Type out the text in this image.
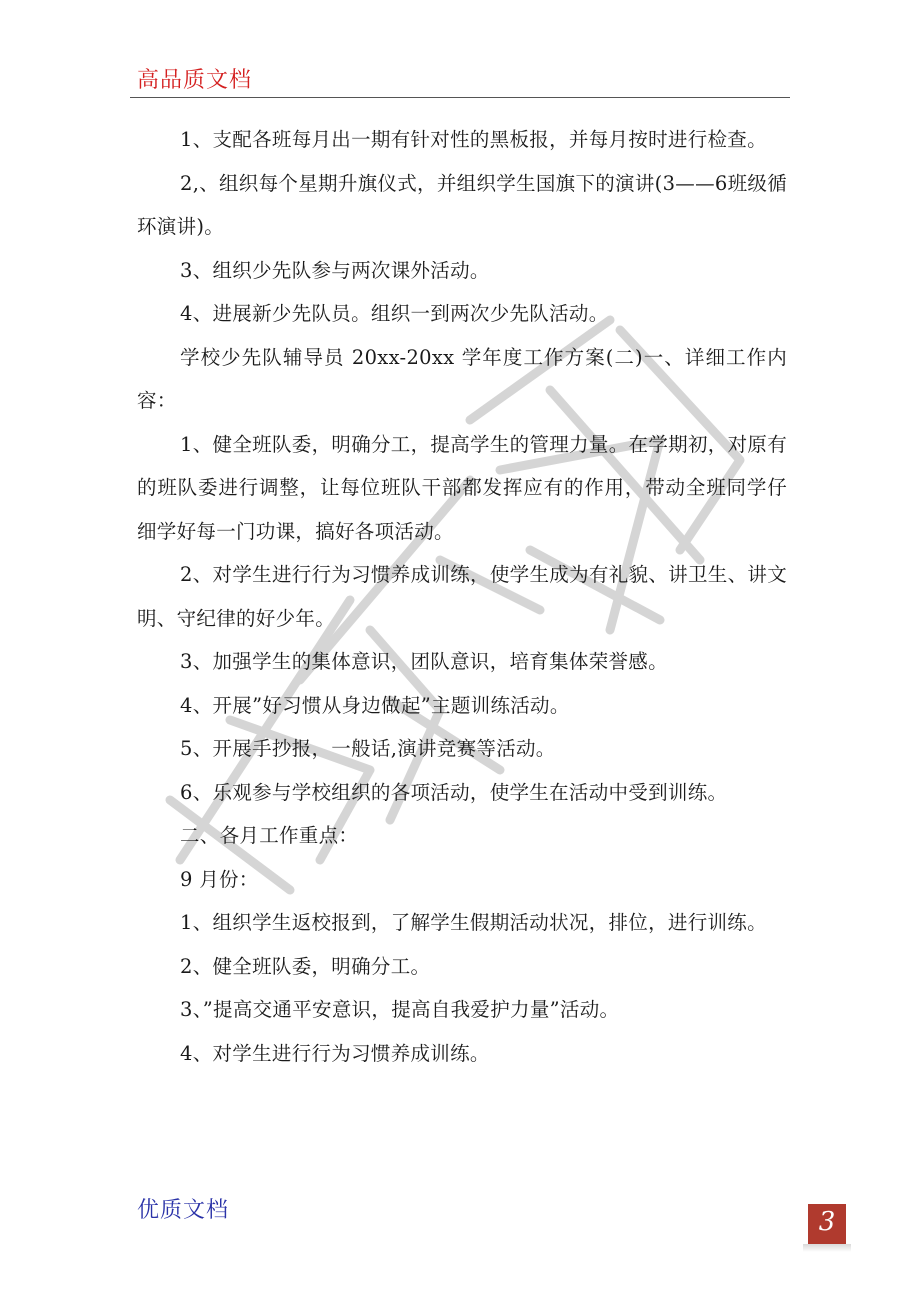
高品质文档

1、支配各班每月出一期有针对性的黑板报，并每月按时进行检查。

2,、组织每个星期升旗仪式，并组织学生国旗下的演讲(3——6班级循环演讲)。

3、组织少先队参与两次课外活动。

4、进展新少先队员。组织一到两次少先队活动。

学校少先队辅导员 20xx-20xx 学年度工作方案(二)一、详细工作内容：

1、健全班队委，明确分工，提高学生的管理力量。在学期初，对原有的班队委进行调整，让每位班队干部都发挥应有的作用，带动全班同学仔细学好每一门功课，搞好各项活动。

2、对学生进行行为习惯养成训练，使学生成为有礼貌、讲卫生、讲文明、守纪律的好少年。

3、加强学生的集体意识，团队意识，培育集体荣誉感。

4、开展”好习惯从身边做起”主题训练活动。

5、开展手抄报，一般话,演讲竞赛等活动。

6、乐观参与学校组织的各项活动，使学生在活动中受到训练。

二、各月工作重点：

9 月份：

1、组织学生返校报到，了解学生假期活动状况，排位，进行训练。

2、健全班队委，明确分工。

3、”提高交通平安意识，提高自我爱护力量”活动。

4、对学生进行行为习惯养成训练。

优质文档	3
